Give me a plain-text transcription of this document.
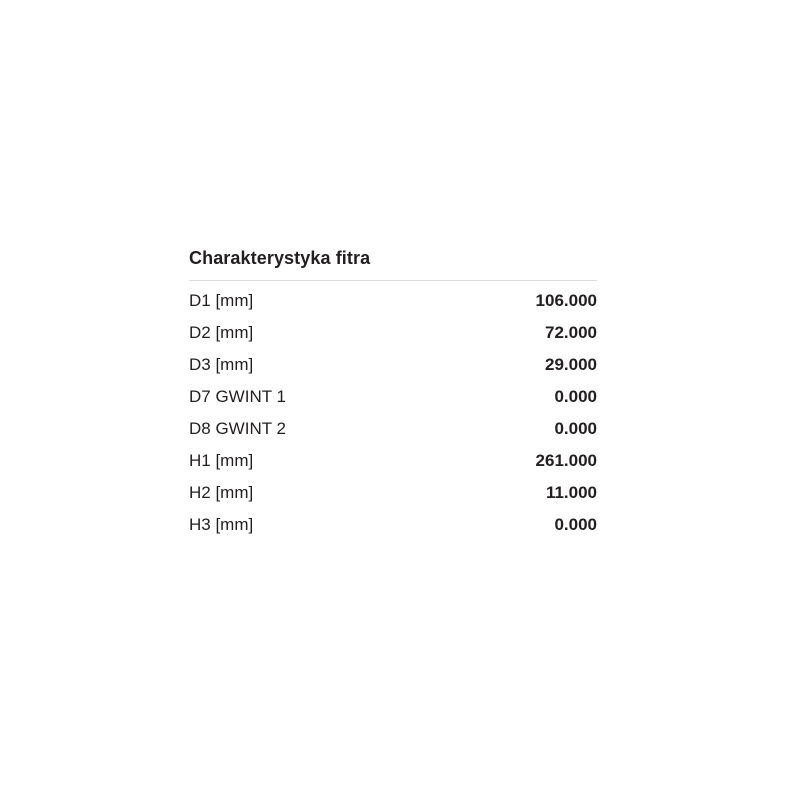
Charakterystyka fitra
D1 [mm]	106.000
D2 [mm]	72.000
D3 [mm]	29.000
D7 GWINT 1	0.000
D8 GWINT 2	0.000
H1 [mm]	261.000
H2 [mm]	11.000
H3 [mm]	0.000
